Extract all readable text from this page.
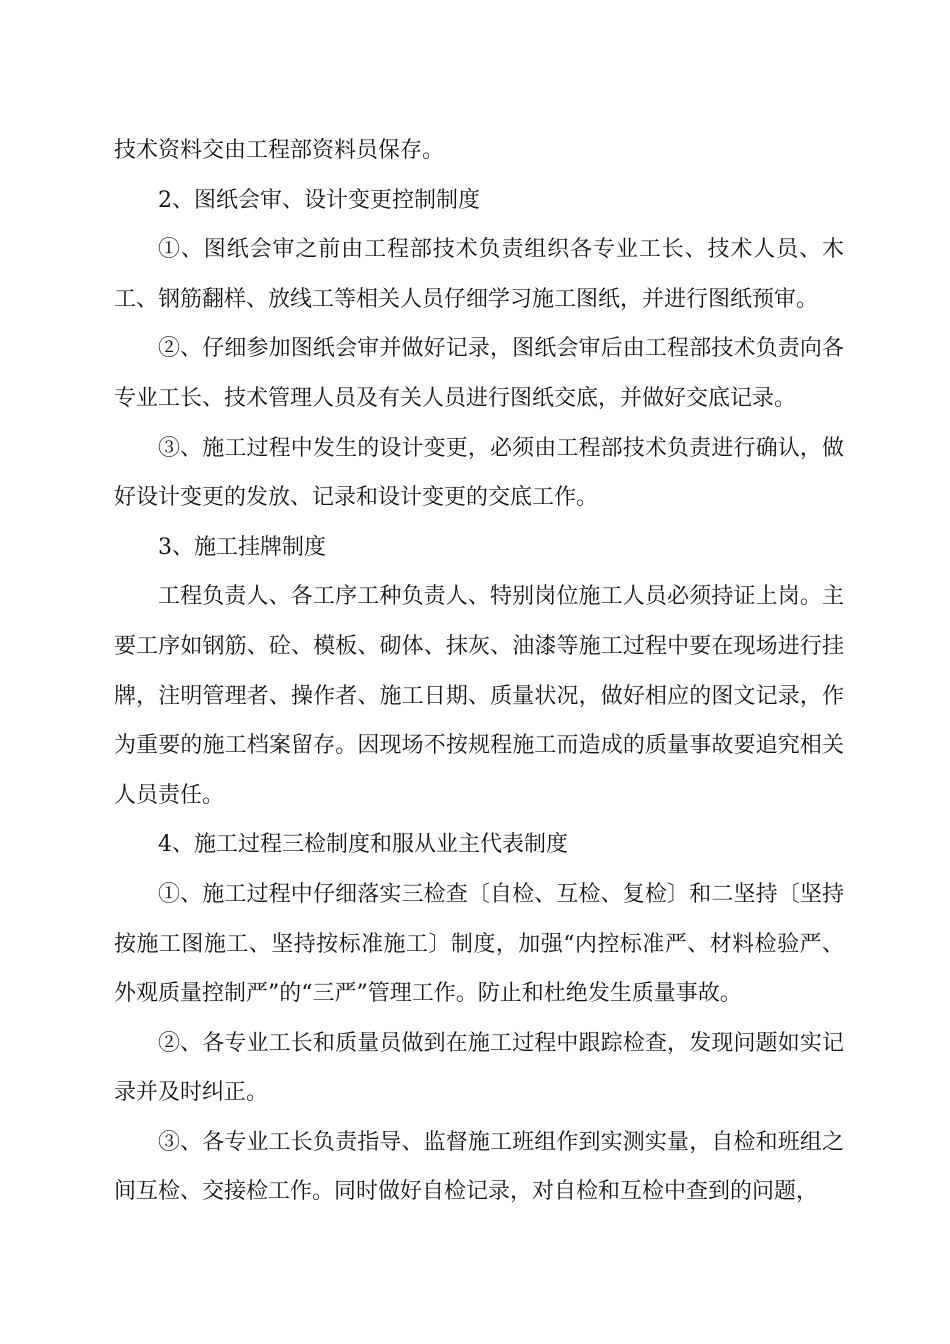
技术资料交由工程部资料员保存。

2、图纸会审、设计变更控制制度

①、图纸会审之前由工程部技术负责组织各专业工长、技术人员、木工、钢筋翻样、放线工等相关人员仔细学习施工图纸，并进行图纸预审。

②、仔细参加图纸会审并做好记录，图纸会审后由工程部技术负责向各专业工长、技术管理人员及有关人员进行图纸交底，并做好交底记录。

③、施工过程中发生的设计变更，必须由工程部技术负责进行确认，做好设计变更的发放、记录和设计变更的交底工作。

3、施工挂牌制度

工程负责人、各工序工种负责人、特别岗位施工人员必须持证上岗。主要工序如钢筋、砼、模板、砌体、抹灰、油漆等施工过程中要在现场进行挂牌，注明管理者、操作者、施工日期、质量状况，做好相应的图文记录，作为重要的施工档案留存。因现场不按规程施工而造成的质量事故要追究相关人员责任。

4、施工过程三检制度和服从业主代表制度

①、施工过程中仔细落实三检查〔自检、互检、复检〕和二坚持〔坚持按施工图施工、坚持按标准施工〕制度，加强“内控标准严、材料检验严、外观质量控制严”的“三严”管理工作。防止和杜绝发生质量事故。

②、各专业工长和质量员做到在施工过程中跟踪检查，发现问题如实记录并及时纠正。

③、各专业工长负责指导、监督施工班组作到实测实量，自检和班组之间互检、交接检工作。同时做好自检记录，对自检和互检中查到的问题，
